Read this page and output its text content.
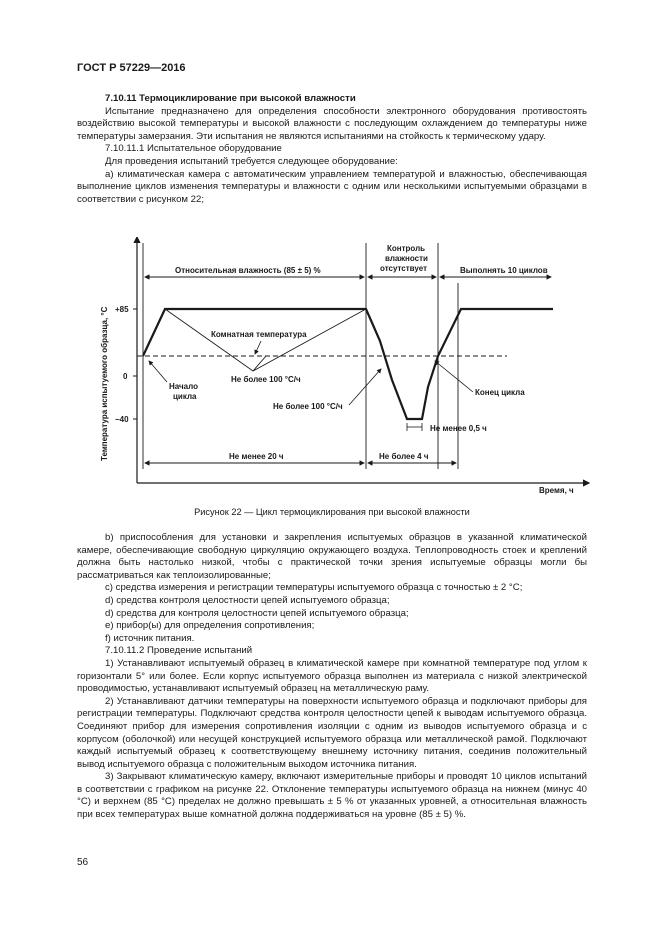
ГОСТ Р 57229—2016

7.10.11 Термоциклирование при высокой влажности

Испытание предназначено для определения способности электронного оборудования противостоять воздействию высокой температуры и высокой влажности с последующим охлаждением до температуры ниже температуры замерзания. Эти испытания не являются испытаниями на стойкость к термическому удару.

7.10.11.1 Испытательное оборудование

Для проведения испытаний требуется следующее оборудование:

а) климатическая камера с автоматическим управлением температурой и влажностью, обеспечивающая выполнение циклов изменения температуры и влажности с одним или несколькими испытуемыми образцами в соответствии с рисунком 22;

Температура испытуемого образца, °С
Время, ч
+85
0
−40
Относительная влажность (85 ± 5) %
Контроль
влажности
отсутствует	Выполнять 10 циклов
Комнатная температура
Начало
цикла
Не более 100 °С/ч
Не более 100 °С/ч
Конец цикла
Не менее 0,5 ч
Не менее 20 ч	Не более 4 ч
Рисунок 22 — Цикл термоциклирования при высокой влажности

b) приспособления для установки и закрепления испытуемых образцов в указанной климатической камере, обеспечивающие свободную циркуляцию окружающего воздуха. Теплопроводность стоек и креплений должна быть настолько низкой, чтобы с практической точки зрения испытуемые образцы могли бы рассматриваться как теплоизолированные;

c) средства измерения и регистрации температуры испытуемого образца с точностью ± 2 °С;

d) средства контроля целостности цепей испытуемого образца;

d) средства для контроля целостности цепей испытуемого образца;

e) прибор(ы) для определения сопротивления;

f) источник питания.

7.10.11.2 Проведение испытаний

1) Устанавливают испытуемый образец в климатической камере при комнатной температуре под углом к горизонтали 5° или более. Если корпус испытуемого образца выполнен из материала с низкой электрической проводимостью, устанавливают испытуемый образец на металлическую раму.

2) Устанавливают датчики температуры на поверхности испытуемого образца и подключают приборы для регистрации температуры. Подключают средства контроля целостности цепей к выводам испытуемого образца. Соединяют прибор для измерения сопротивления изоляции с одним из выводов испытуемого образца и с корпусом (оболочкой) или несущей конструкцией испытуемого образца или металлической рамой. Подключают каждый испытуемый образец к соответствующему внешнему источнику питания, соединив положительный вывод испытуемого образца с положительным выходом источника питания.

3) Закрывают климатическую камеру, включают измерительные приборы и проводят 10 циклов испытаний в соответствии с графиком на рисунке 22. Отклонение температуры испытуемого образца на нижнем (минус 40 °С) и верхнем (85 °С) пределах не должно превышать ± 5 % от указанных уровней, а относительная влажность при всех температурах выше комнатной должна поддерживаться на уровне (85 ± 5) %.

56
